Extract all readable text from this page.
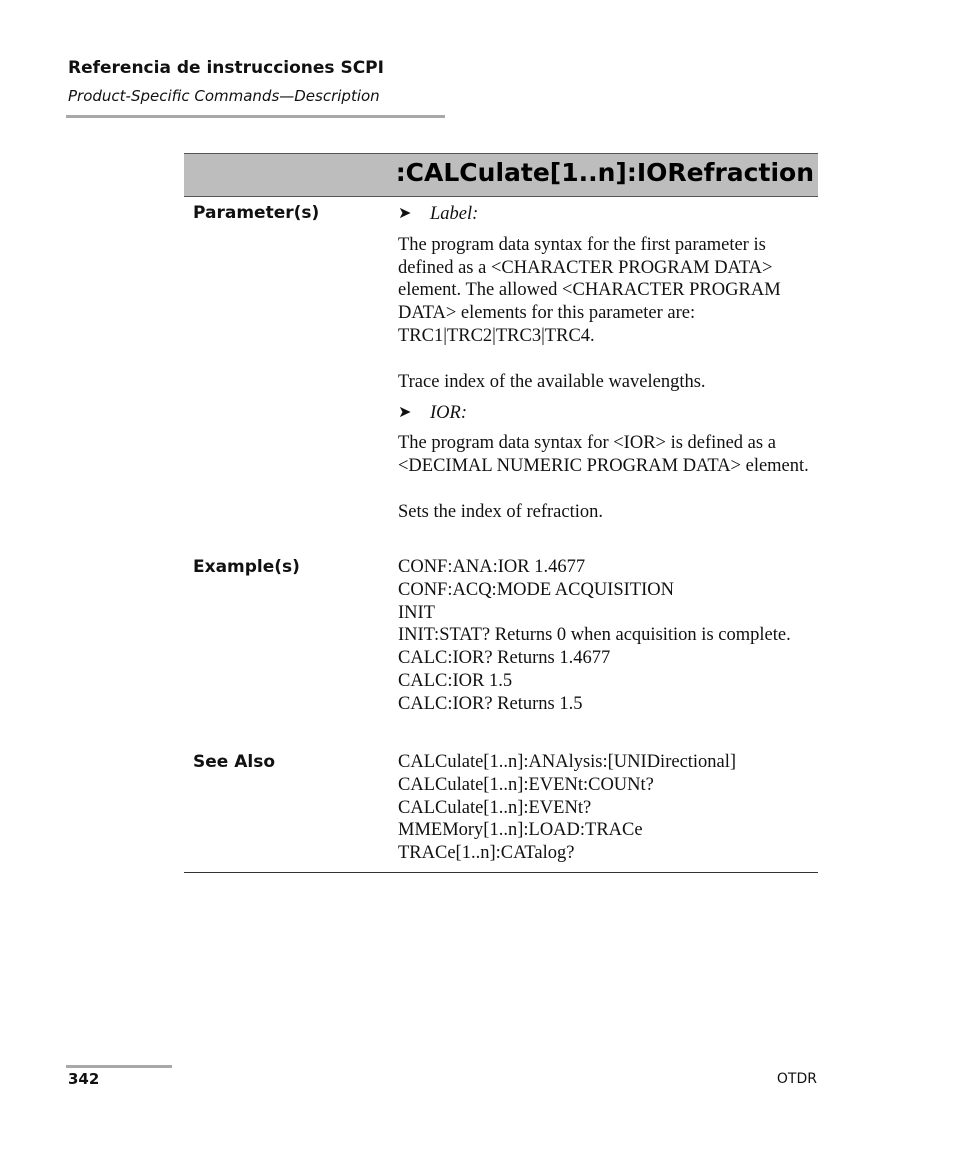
Referencia de instrucciones SCPI
Product-Specific Commands—Description
:CALCulate[1..n]:IORefraction
Parameter(s)	➤	Label:

The program data syntax for the first parameter is defined as a <CHARACTER PROGRAM DATA> element. The allowed <CHARACTER PROGRAM DATA> elements for this parameter are: TRC1|TRC2|TRC3|TRC4.

Trace index of the available wavelengths.

➤	IOR:

The program data syntax for <IOR> is defined as a <DECIMAL NUMERIC PROGRAM DATA> element.

Sets the index of refraction.

Example(s)	CONF:ANA:IOR 1.4677

CONF:ACQ:MODE ACQUISITION

INIT

INIT:STAT? Returns 0 when acquisition is complete.

CALC:IOR? Returns 1.4677

CALC:IOR 1.5

CALC:IOR? Returns 1.5

See Also	CALCulate[1..n]:ANAlysis:[UNIDirectional]

CALCulate[1..n]:EVENt:COUNt?

CALCulate[1..n]:EVENt?

MMEMory[1..n]:LOAD:TRACe

TRACe[1..n]:CATalog?

342	OTDR
